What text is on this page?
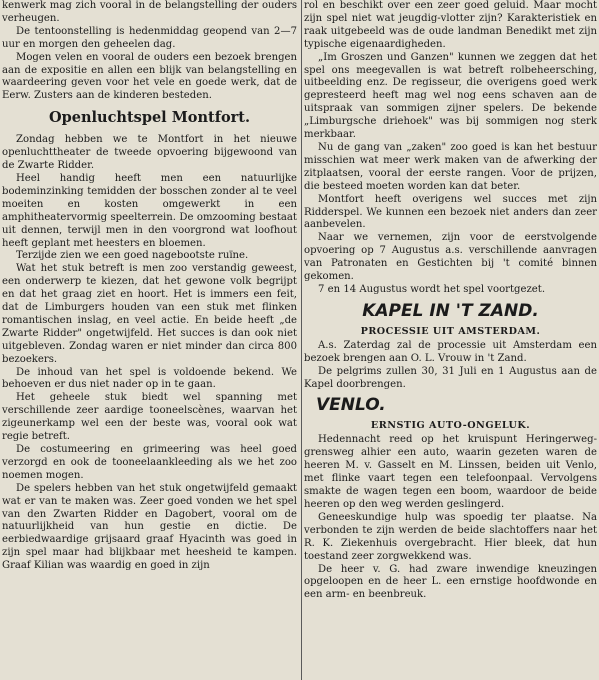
kenwerk mag zich vooral in de belangstelling der ouders verheugen.

De tentoonstelling is hedenmiddag geopend van 2—7 uur en morgen den geheelen dag.

Mogen velen en vooral de ouders een bezoek brengen aan de expositie en allen een blijk van belangstelling en waardeering geven voor het vele en goede werk, dat de Eerw. Zusters aan de kinderen besteden.

Openluchtspel Montfort.

Zondag hebben we te Montfort in het nieuwe openluchttheater de tweede opvoering bijgewoond van de Zwarte Ridder.

Heel handig heeft men een natuurlijke bodeminzinking temidden der bosschen zonder al te veel moeiten en kosten omgewerkt in een amphitheatervormig speelterrein. De omzooming bestaat uit dennen, terwijl men in den voorgrond wat loofhout heeft geplant met heesters en bloemen.

Terzijde zien we een goed nagebootste ruïne.

Wat het stuk betreft is men zoo verstandig geweest, een onderwerp te kiezen, dat het gewone volk begrijpt en dat het graag ziet en hoort. Het is immers een feit, dat de Limburgers houden van een stuk met flinken romantischen inslag, en veel actie. En beide heeft „de Zwarte Ridder" ongetwijfeld. Het succes is dan ook niet uitgebleven. Zondag waren er niet minder dan circa 800 bezoekers.

De inhoud van het spel is voldoende bekend. We behoeven er dus niet nader op in te gaan.

Het geheele stuk biedt wel spanning met verschillende zeer aardige tooneelscènes, waarvan het zigeunerkamp wel een der beste was, vooral ook wat regie betreft.

De costumeering en grimeering was heel goed verzorgd en ook de tooneelaankleeding als we het zoo noemen mogen.

De spelers hebben van het stuk ongetwijfeld gemaakt wat er van te maken was. Zeer goed vonden we het spel van den Zwarten Ridder en Dagobert, vooral om de natuurlijkheid van hun gestie en dictie. De eerbiedwaardige grijsaard graaf Hyacinth was goed in zijn spel maar had blijkbaar met heesheid te kampen. Graaf Kilian was waardig en goed in zijn

rol en beschikt over een zeer goed geluid. Maar mocht zijn spel niet wat jeugdig-vlotter zijn? Karakteristiek en raak uitgebeeld was de oude landman Benedikt met zijn typische eigenaardigheden.

„Im Groszen und Ganzen" kunnen we zeggen dat het spel ons meegevallen is wat betreft rolbeheersching, uitbeelding enz. De regisseur, die overigens goed werk gepresteerd heeft mag wel nog eens schaven aan de uitspraak van sommigen zijner spelers. De bekende „Limburgsche driehoek" was bij sommigen nog sterk merkbaar.

Nu de gang van „zaken" zoo goed is kan het bestuur misschien wat meer werk maken van de afwerking der zitplaatsen, vooral der eerste rangen. Voor de prijzen, die besteed moeten worden kan dat beter.

Montfort heeft overigens wel succes met zijn Ridderspel. We kunnen een bezoek niet anders dan zeer aanbevelen.

Naar we vernemen, zijn voor de eerstvolgende opvoering op 7 Augustus a.s. verschillende aanvragen van Patronaten en Gestichten bij 't comité binnen gekomen.

7 en 14 Augustus wordt het spel voortgezet.

KAPEL IN 'T ZAND.
PROCESSIE UIT AMSTERDAM.

A.s. Zaterdag zal de processie uit Amsterdam een bezoek brengen aan O. L. Vrouw in 't Zand.

De pelgrims zullen 30, 31 Juli en 1 Augustus aan de Kapel doorbrengen.

VENLO.
ERNSTIG AUTO-ONGELUK.

Hedennacht reed op het kruispunt Heringerweg-grensweg alhier een auto, waarin gezeten waren de heeren M. v. Gasselt en M. Linssen, beiden uit Venlo, met flinke vaart tegen een telefoonpaal. Vervolgens smakte de wagen tegen een boom, waardoor de beide heeren op den weg werden geslingerd.

Geneeskundige hulp was spoedig ter plaatse. Na verbonden te zijn werden de beide slachtoffers naar het R. K. Ziekenhuis overgebracht. Hier bleek, dat hun toestand zeer zorgwekkend was.

De heer v. G. had zware inwendige kneuzingen opgeloopen en de heer L. een ernstige hoofdwonde en een arm- en beenbreuk.
